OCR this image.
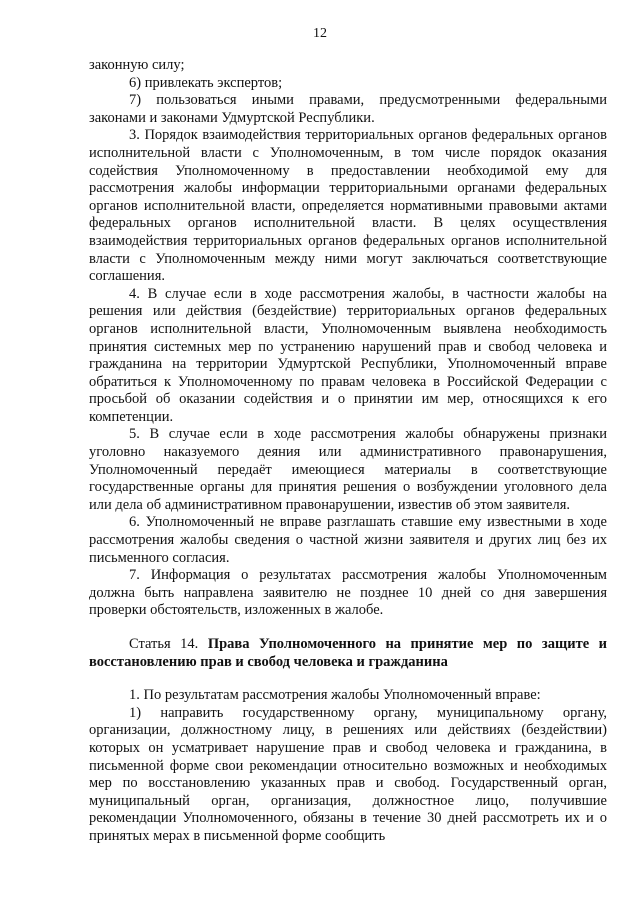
12

законную силу;

6) привлекать экспертов;

7) пользоваться иными правами, предусмотренными федеральными законами и законами Удмуртской Республики.

3. Порядок взаимодействия территориальных органов федеральных органов исполнительной власти с Уполномоченным, в том числе порядок оказания содействия Уполномоченному в предоставлении необходимой ему для рассмотрения жалобы информации территориальными органами федеральных органов исполнительной власти, определяется нормативными правовыми актами федеральных органов исполнительной власти. В целях осуществления взаимодействия территориальных органов федеральных органов исполнительной власти с Уполномоченным между ними могут заключаться соответствующие соглашения.

4. В случае если в ходе рассмотрения жалобы, в частности жалобы на решения или действия (бездействие) территориальных органов федеральных органов исполнительной власти, Уполномоченным выявлена необходимость принятия системных мер по устранению нарушений прав и свобод человека и гражданина на территории Удмуртской Республики, Уполномоченный вправе обратиться к Уполномоченному по правам человека в Российской Федерации с просьбой об оказании содействия и о принятии им мер, относящихся к его компетенции.

5. В случае если в ходе рассмотрения жалобы обнаружены признаки уголовно наказуемого деяния или административного правонарушения, Уполномоченный передаёт имеющиеся материалы в соответствующие государственные органы для принятия решения о возбуждении уголовного дела или дела об административном правонарушении, известив об этом заявителя.

6. Уполномоченный не вправе разглашать ставшие ему известными в ходе рассмотрения жалобы сведения о частной жизни заявителя и других лиц без их письменного согласия.

7. Информация о результатах рассмотрения жалобы Уполномоченным должна быть направлена заявителю не позднее 10 дней со дня завершения проверки обстоятельств, изложенных в жалобе.

Статья 14. Права Уполномоченного на принятие мер по защите и восстановлению прав и свобод человека и гражданина

1. По результатам рассмотрения жалобы Уполномоченный вправе:

1) направить государственному органу, муниципальному органу, организации, должностному лицу, в решениях или действиях (бездействии) которых он усматривает нарушение прав и свобод человека и гражданина, в письменной форме свои рекомендации относительно возможных и необходимых мер по восстановлению указанных прав и свобод. Государственный орган, муниципальный орган, организация, должностное лицо, получившие рекомендации Уполномоченного, обязаны в течение 30 дней рассмотреть их и о принятых мерах в письменной форме сообщить
